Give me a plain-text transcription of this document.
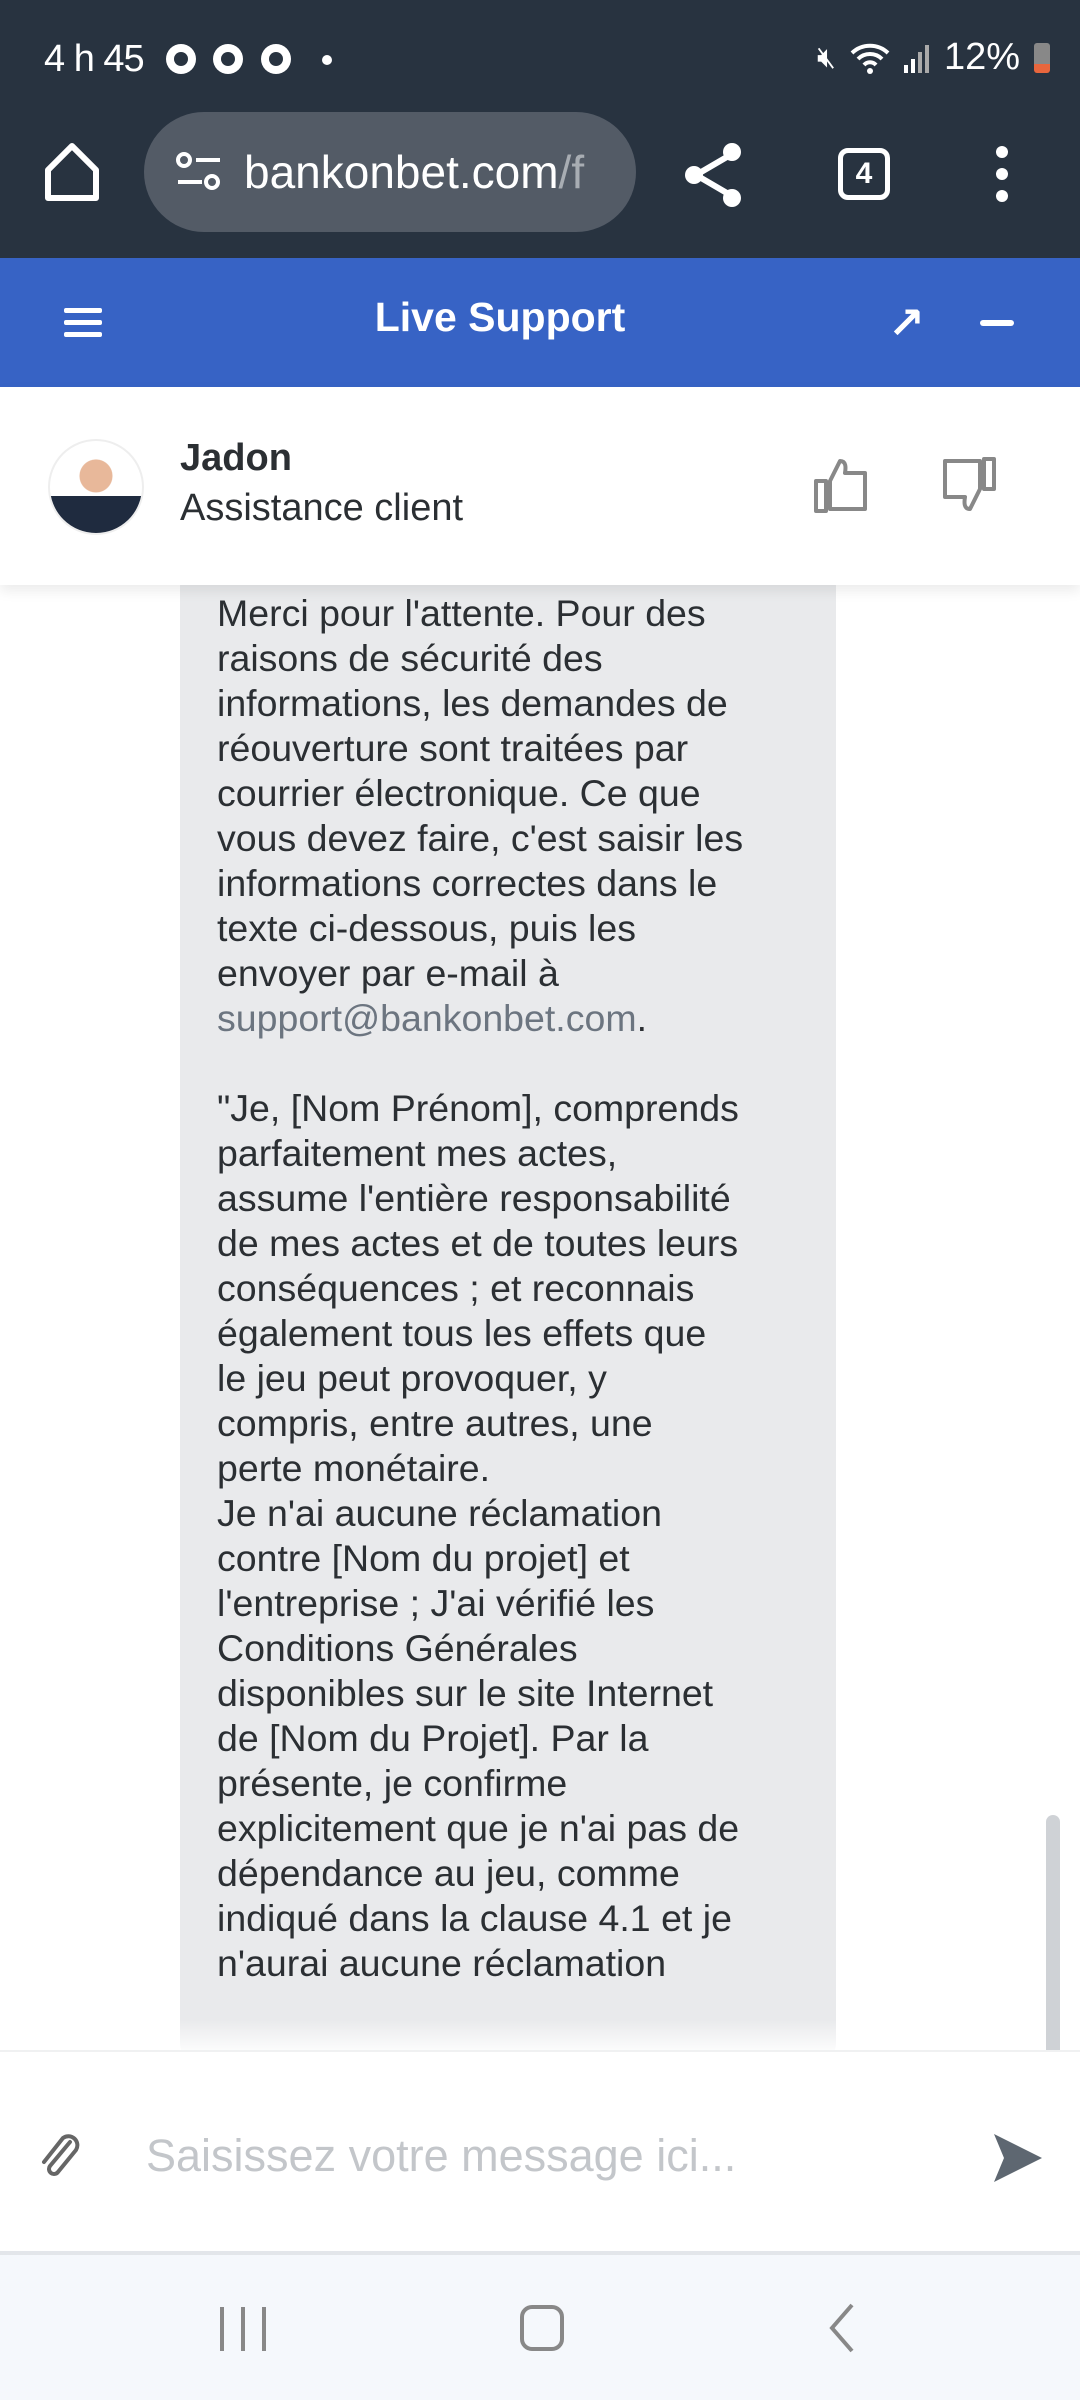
4 h 45	🔇︎	12%
bankonbet.com /f	4
Live Support	↗
Jadon
Assistance client
Merci pour l'attente. Pour des
raisons de sécurité des
informations, les demandes de
réouverture sont traitées par
courrier électronique. Ce que
vous devez faire, c'est saisir les
informations correctes dans le
texte ci-dessous, puis les
envoyer par e-mail à
support@bankonbet.com.
"Je, [Nom Prénom], comprends
parfaitement mes actes,
assume l'entière responsabilité
de mes actes et de toutes leurs
conséquences ; et reconnais
également tous les effets que
le jeu peut provoquer, y
compris, entre autres, une
perte monétaire.
Je n'ai aucune réclamation
contre [Nom du projet] et
l'entreprise ; J'ai vérifié les
Conditions Générales
disponibles sur le site Internet
de [Nom du Projet]. Par la
présente, je confirme
explicitement que je n'ai pas de
dépendance au jeu, comme
indiqué dans la clause 4.1 et je
n'aurai aucune réclamation
Saisissez votre message ici...
